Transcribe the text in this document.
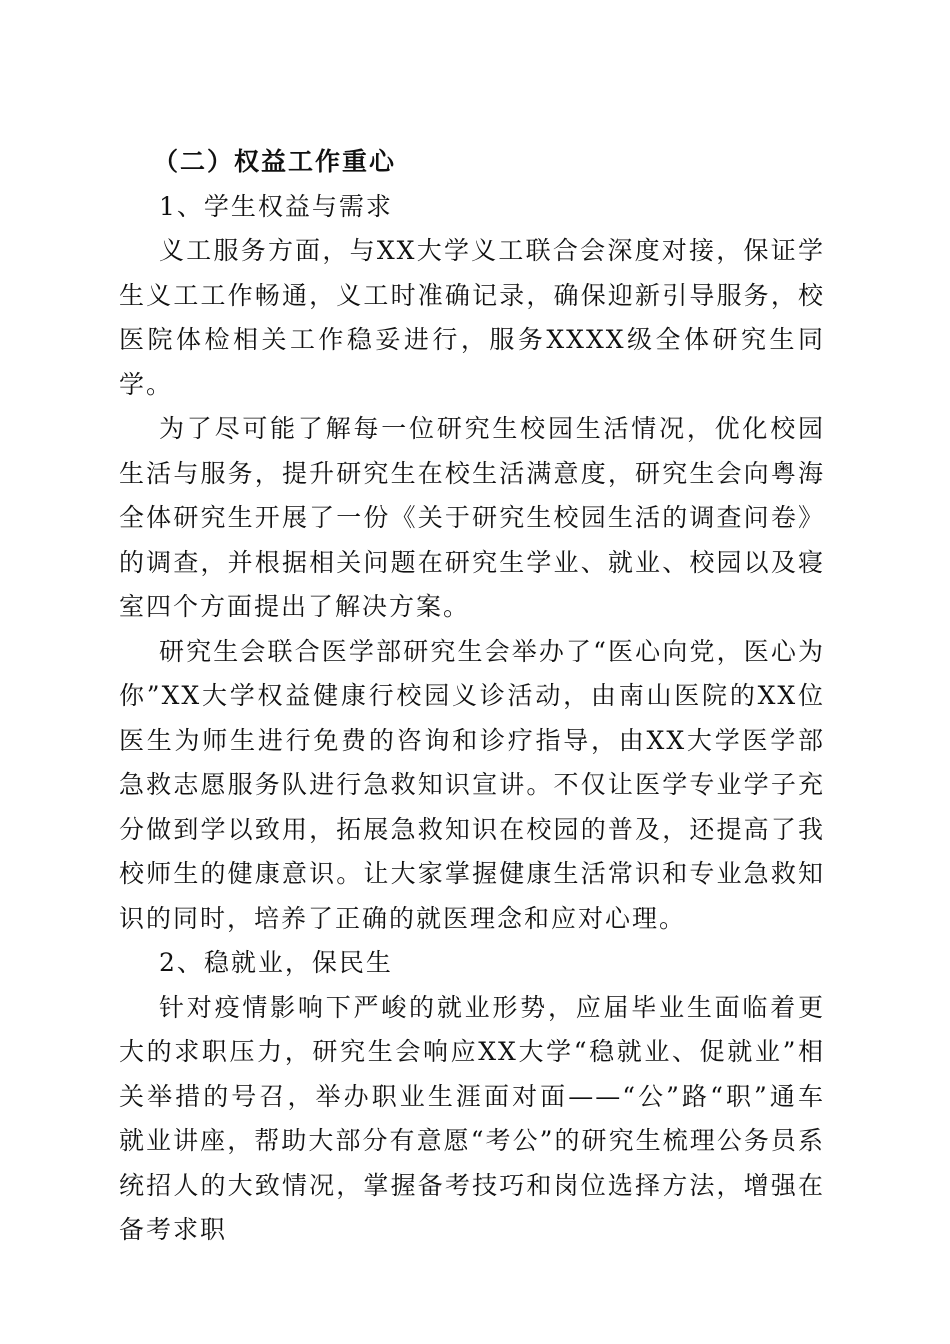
（二）权益工作重心
1、学生权益与需求

义工服务方面，与XX大学义工联合会深度对接，保证学生义工工作畅通，义工时准确记录，确保迎新引导服务，校医院体检相关工作稳妥进行，服务XXXX级全体研究生同学。

为了尽可能了解每一位研究生校园生活情况，优化校园生活与服务，提升研究生在校生活满意度，研究生会向粤海全体研究生开展了一份《关于研究生校园生活的调查问卷》的调查，并根据相关问题在研究生学业、就业、校园以及寝室四个方面提出了解决方案。

研究生会联合医学部研究生会举办了“医心向党，医心为你”XX大学权益健康行校园义诊活动，由南山医院的XX位医生为师生进行免费的咨询和诊疗指导，由XX大学医学部急救志愿服务队进行急救知识宣讲。不仅让医学专业学子充分做到学以致用，拓展急救知识在校园的普及，还提高了我校师生的健康意识。让大家掌握健康生活常识和专业急救知识的同时，培养了正确的就医理念和应对心理。

2、稳就业，保民生

针对疫情影响下严峻的就业形势，应届毕业生面临着更大的求职压力，研究生会响应XX大学“稳就业、促就业”相关举措的号召，举办职业生涯面对面——“公”路“职”通车就业讲座，帮助大部分有意愿“考公”的研究生梳理公务员系统招人的大致情况，掌握备考技巧和岗位选择方法，增强在备考求职
